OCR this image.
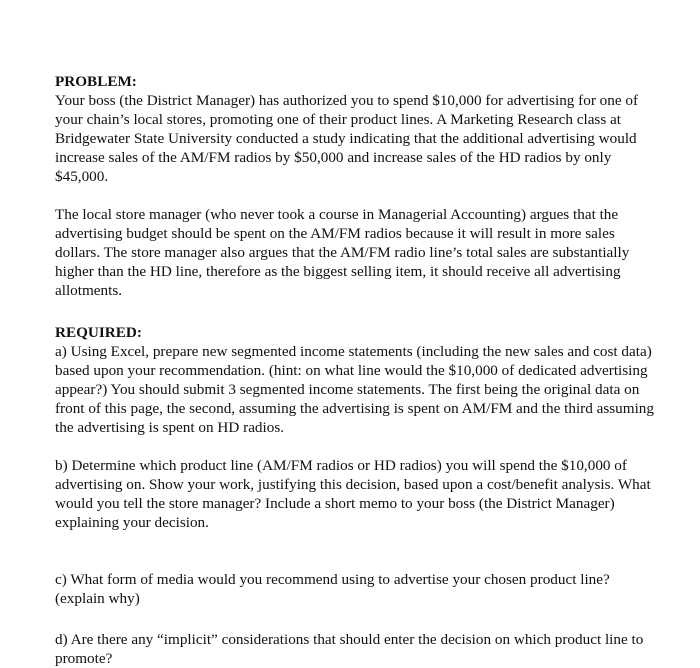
PROBLEM:

Your boss (the District Manager) has authorized you to spend $10,000 for advertising for one of your chain’s local stores, promoting one of their product lines. A Marketing Research class at Bridgewater State University conducted a study indicating that the additional advertising would increase sales of the AM/FM radios by $50,000 and increase sales of the HD radios by only $45,000.

The local store manager (who never took a course in Managerial Accounting) argues that the advertising budget should be spent on the AM/FM radios because it will result in more sales dollars. The store manager also argues that the AM/FM radio line’s total sales are substantially higher than the HD line, therefore as the biggest selling item, it should receive all advertising allotments.

REQUIRED:

a) Using Excel, prepare new segmented income statements (including the new sales and cost data) based upon your recommendation. (hint: on what line would the $10,000 of dedicated advertising appear?) You should submit 3 segmented income statements. The first being the original data on front of this page, the second, assuming the advertising is spent on AM/FM and the third assuming the advertising is spent on HD radios.

b) Determine which product line (AM/FM radios or HD radios) you will spend the $10,000 of advertising on. Show your work, justifying this decision, based upon a cost/benefit analysis. What would you tell the store manager? Include a short memo to your boss (the District Manager) explaining your decision.

c) What form of media would you recommend using to advertise your chosen product line? (explain why)

d) Are there any “implicit” considerations that should enter the decision on which product line to promote?
